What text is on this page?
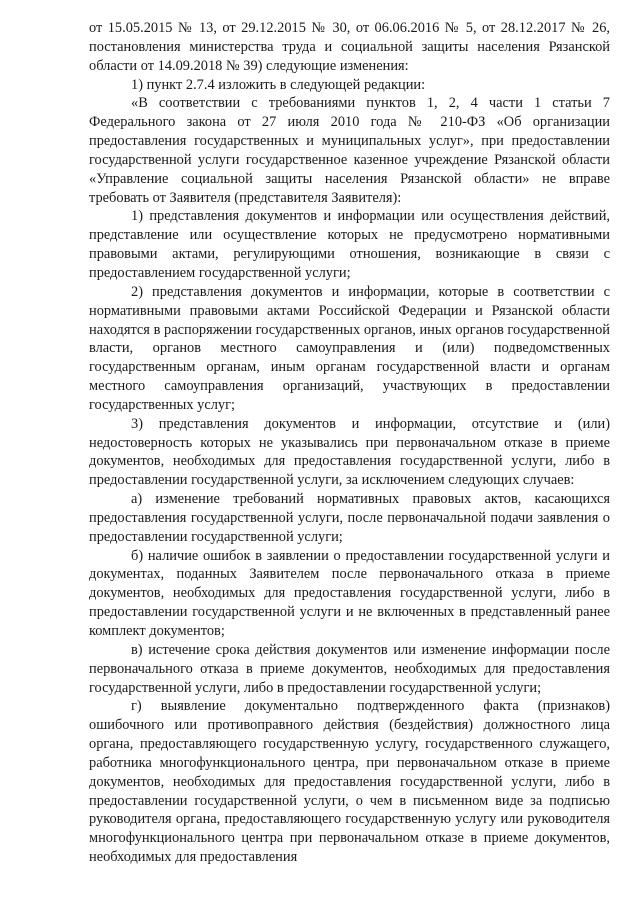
от 15.05.2015 № 13, от 29.12.2015 № 30, от 06.06.2016 № 5, от 28.12.2017 № 26, постановления министерства труда и социальной защиты населения Рязанской области от 14.09.2018 № 39) следующие изменения:

1) пункт 2.7.4 изложить в следующей редакции:

«В соответствии с требованиями пунктов 1, 2, 4 части 1 статьи 7 Федерального закона от 27 июля 2010 года № 210-ФЗ «Об организации предоставления государственных и муниципальных услуг», при предоставлении государственной услуги государственное казенное учреждение Рязанской области «Управление социальной защиты населения Рязанской области» не вправе требовать от Заявителя (представителя Заявителя):

1) представления документов и информации или осуществления действий, представление или осуществление которых не предусмотрено нормативными правовыми актами, регулирующими отношения, возникающие в связи с предоставлением государственной услуги;

2) представления документов и информации, которые в соответствии с нормативными правовыми актами Российской Федерации и Рязанской области находятся в распоряжении государственных органов, иных органов государственной власти, органов местного самоуправления и (или) подведомственных государственным органам, иным органам государственной власти и органам местного самоуправления организаций, участвующих в предоставлении государственных услуг;

3) представления документов и информации, отсутствие и (или) недостоверность которых не указывались при первоначальном отказе в приеме документов, необходимых для предоставления государственной услуги, либо в предоставлении государственной услуги, за исключением следующих случаев:

а) изменение требований нормативных правовых актов, касающихся предоставления государственной услуги, после первоначальной подачи заявления о предоставлении государственной услуги;

б) наличие ошибок в заявлении о предоставлении государственной услуги и документах, поданных Заявителем после первоначального отказа в приеме документов, необходимых для предоставления государственной услуги, либо в предоставлении государственной услуги и не включенных в представленный ранее комплект документов;

в) истечение срока действия документов или изменение информации после первоначального отказа в приеме документов, необходимых для предоставления государственной услуги, либо в предоставлении государственной услуги;

г) выявление документально подтвержденного факта (признаков) ошибочного или противоправного действия (бездействия) должностного лица органа, предоставляющего государственную услугу, государственного служащего, работника многофункционального центра, при первоначальном отказе в приеме документов, необходимых для предоставления государственной услуги, либо в предоставлении государственной услуги, о чем в письменном виде за подписью руководителя органа, предоставляющего государственную услугу или руководителя многофункционального центра при первоначальном отказе в приеме документов, необходимых для предоставления
